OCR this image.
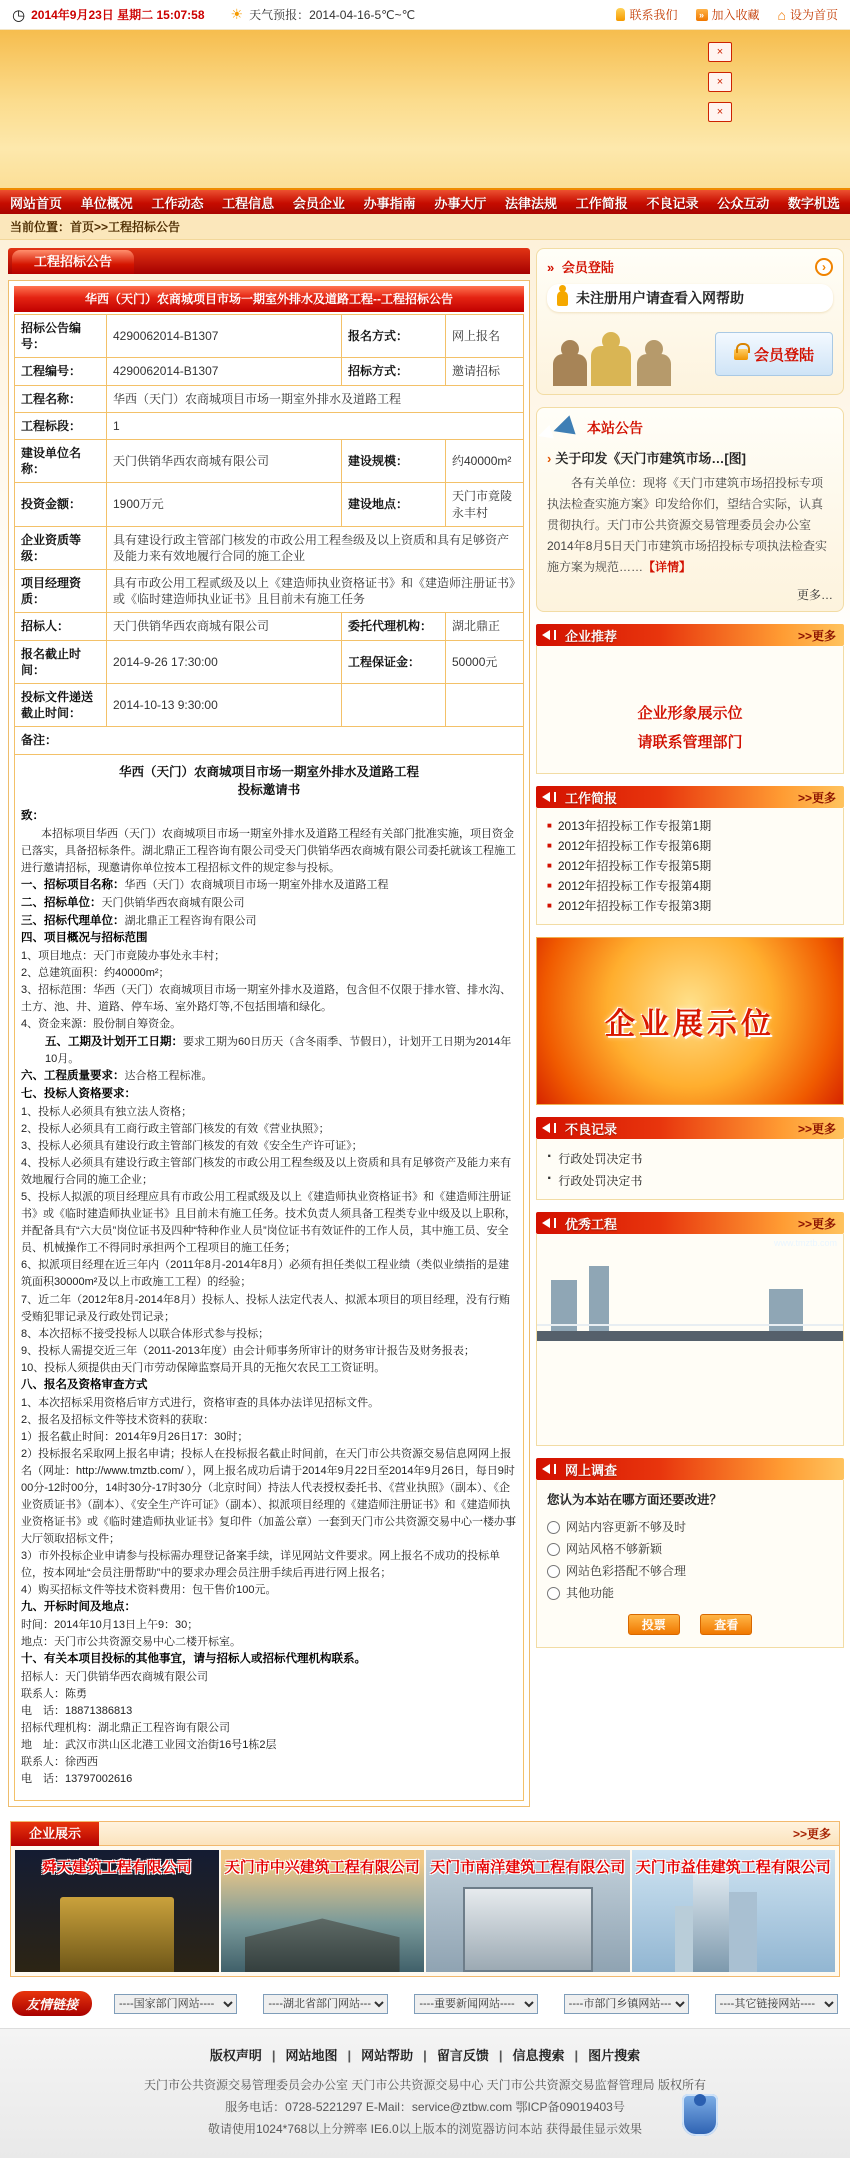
◷ 2014年9月23日 星期二 15:07:58 ☀ 天气预报：2014-04-16-5℃~℃	联系我们	» 加入收藏 ⌂ 设为首页
×
×
×
网站首页 单位概况 工作动态 工程信息 会员企业 办事指南 办事大厅 法律法规 工作简报 不良记录 公众互动 数字机选
当前位置：首页>>工程招标公告
工程招标公告
华西（天门）农商城项目市场一期室外排水及道路工程--工程招标公告
招标公告编号：	4290062014-B1307	报名方式：	网上报名
工程编号：	4290062014-B1307	招标方式：	邀请招标
工程名称：	华西（天门）农商城项目市场一期室外排水及道路工程		
工程标段：	1		
建设单位名称：	天门供销华西农商城有限公司	建设规模：	约40000m²
投资金额：	1900万元	建设地点：	天门市竟陵永丰村
企业资质等级：	具有建设行政主管部门核发的市政公用工程叁级及以上资质和具有足够资产及能力来有效地履行合同的施工企业		
项目经理资质：	具有市政公用工程贰级及以上《建造师执业资格证书》和《建造师注册证书》或《临时建造师执业证书》且目前未有施工任务		
招标人：	天门供销华西农商城有限公司	委托代理机构：	湖北鼎正
报名截止时间：	2014-9-26 17:30:00	工程保证金：	50000元
投标文件递送截止时间：	2014-10-13 9:30:00		
备注：			

华西（天门）农商城项目市场一期室外排水及道路工程
投标邀请书

致：

本招标项目华西（天门）农商城项目市场一期室外排水及道路工程经有关部门批准实施，项目资金已落实，具备招标条件。湖北鼎正工程咨询有限公司受天门供销华西农商城有限公司委托就该工程施工进行邀请招标，现邀请你单位按本工程招标文件的规定参与投标。

一、招标项目名称：华西（天门）农商城项目市场一期室外排水及道路工程

二、招标单位：天门供销华西农商城有限公司

三、招标代理单位：湖北鼎正工程咨询有限公司

四、项目概况与招标范围

1、项目地点：天门市竟陵办事处永丰村；

2、总建筑面积：约40000m²；

3、招标范围：华西（天门）农商城项目市场一期室外排水及道路，包含但不仅限于排水管、排水沟、土方、池、井、道路、停车场、室外路灯等,不包括围墙和绿化。

4、资金来源：股份制自筹资金。

五、工期及计划开工日期：要求工期为60日历天（含冬雨季、节假日），计划开工日期为2014年10月。

六、工程质量要求：达合格工程标准。

七、投标人资格要求：

1、投标人必须具有独立法人资格；

2、投标人必须具有工商行政主管部门核发的有效《营业执照》；

3、投标人必须具有建设行政主管部门核发的有效《安全生产许可证》；

4、投标人必须具有建设行政主管部门核发的市政公用工程叁级及以上资质和具有足够资产及能力来有效地履行合同的施工企业；

5、投标人拟派的项目经理应具有市政公用工程贰级及以上《建造师执业资格证书》和《建造师注册证书》或《临时建造师执业证书》且目前未有施工任务。技术负责人须具备工程类专业中级及以上职称，并配备具有“六大员”岗位证书及四种“特种作业人员”岗位证书有效证件的工作人员，其中施工员、安全员、机械操作工不得同时承担两个工程项目的施工任务；

6、拟派项目经理在近三年内（2011年8月-2014年8月）必须有担任类似工程业绩（类似业绩指的是建筑面积30000m²及以上市政施工工程）的经验；

7、近二年（2012年8月-2014年8月）投标人、投标人法定代表人、拟派本项目的项目经理，没有行贿受贿犯罪记录及行政处罚记录；

8、本次招标不接受投标人以联合体形式参与投标；

9、投标人需提交近三年（2011-2013年度）由会计师事务所审计的财务审计报告及财务报表；

10、投标人须提供由天门市劳动保障监察局开具的无拖欠农民工工资证明。

八、报名及资格审查方式

1、本次招标采用资格后审方式进行，资格审查的具体办法详见招标文件。

2、报名及招标文件等技术资料的获取：

1）报名截止时间：2014年9月26日17：30时；

2）投标报名采取网上报名申请；投标人在投标报名截止时间前，在天门市公共资源交易信息网网上报名（网址：http://www.tmztb.com/ ），网上报名成功后请于2014年9月22日至2014年9月26日，每日9时00分-12时00分，14时30分-17时30分（北京时间）持法人代表授权委托书、《营业执照》（副本）、《企业资质证书》（副本）、《安全生产许可证》（副本）、拟派项目经理的《建造师注册证书》和《建造师执业资格证书》或《临时建造师执业证书》复印件（加盖公章）一套到天门市公共资源交易中心一楼办事大厅领取招标文件；

3）市外投标企业申请参与投标需办理登记备案手续，详见网站文件要求。网上报名不成功的投标单位，按本网址“会员注册帮助”中的要求办理会员注册手续后再进行网上报名；

4）购买招标文件等技术资料费用：包干售价100元。

九、开标时间及地点：

时间：2014年10月13日上午9：30；

地点：天门市公共资源交易中心二楼开标室。

十、有关本项目投标的其他事宜，请与招标人或招标代理机构联系。

招标人：天门供销华西农商城有限公司

联系人：陈勇

电　话：18871386813

招标代理机构：湖北鼎正工程咨询有限公司

地　址：武汉市洪山区北港工业园文治街16号1栋2层

联系人：徐西西

电　话：13797002616

» 会员登陆	›
未注册用户请查看入网帮助
会员登陆
本站公告
› 关于印发《天门市建筑市场…[图]
各有关单位：现将《天门市建筑市场招投标专项执法检查实施方案》印发给你们，望结合实际，认真贯彻执行。天门市公共资源交易管理委员会办公室2014年8月5日天门市建筑市场招投标专项执法检查实施方案为规范……【详情】
更多…
企业推荐	>>更多
企业形象展示位
请联系管理部门
工作简报	>>更多
■ 2013年招投标工作专报第1期
■ 2012年招投标工作专报第6期
■ 2012年招投标工作专报第5期
■ 2012年招投标工作专报第4期
■ 2012年招投标工作专报第3期
企业展示位
不良记录	>>更多
· 行政处罚决定书
· 行政处罚决定书
优秀工程	>>更多
www.tmztb.com
网上调查
您认为本站在哪方面还要改进？
网站内容更新不够及时
网站风格不够新颖
网站色彩搭配不够合理
其他功能
投票	查看
企业展示	>>更多
舜天建筑工程有限公司	天门市中兴建筑工程有限公司 天门市南洋建筑工程有限公司 天门市益佳建筑工程有限公司
友情链接
----国家部门网站----
----湖北省部门网站---
----重要新闻网站----
----市部门乡镇网站---
----其它链接网站----
版权声明 | 网站地图 | 网站帮助 | 留言反馈 | 信息搜索 | 图片搜索
天门市公共资源交易管理委员会办公室 天门市公共资源交易中心 天门市公共资源交易监督管理局 版权所有
服务电话：0728-5221297 E-Mail：service@ztbw.com 鄂ICP备09019403号
敬请使用1024*768以上分辨率 IE6.0以上版本的浏览器访问本站 获得最佳显示效果
